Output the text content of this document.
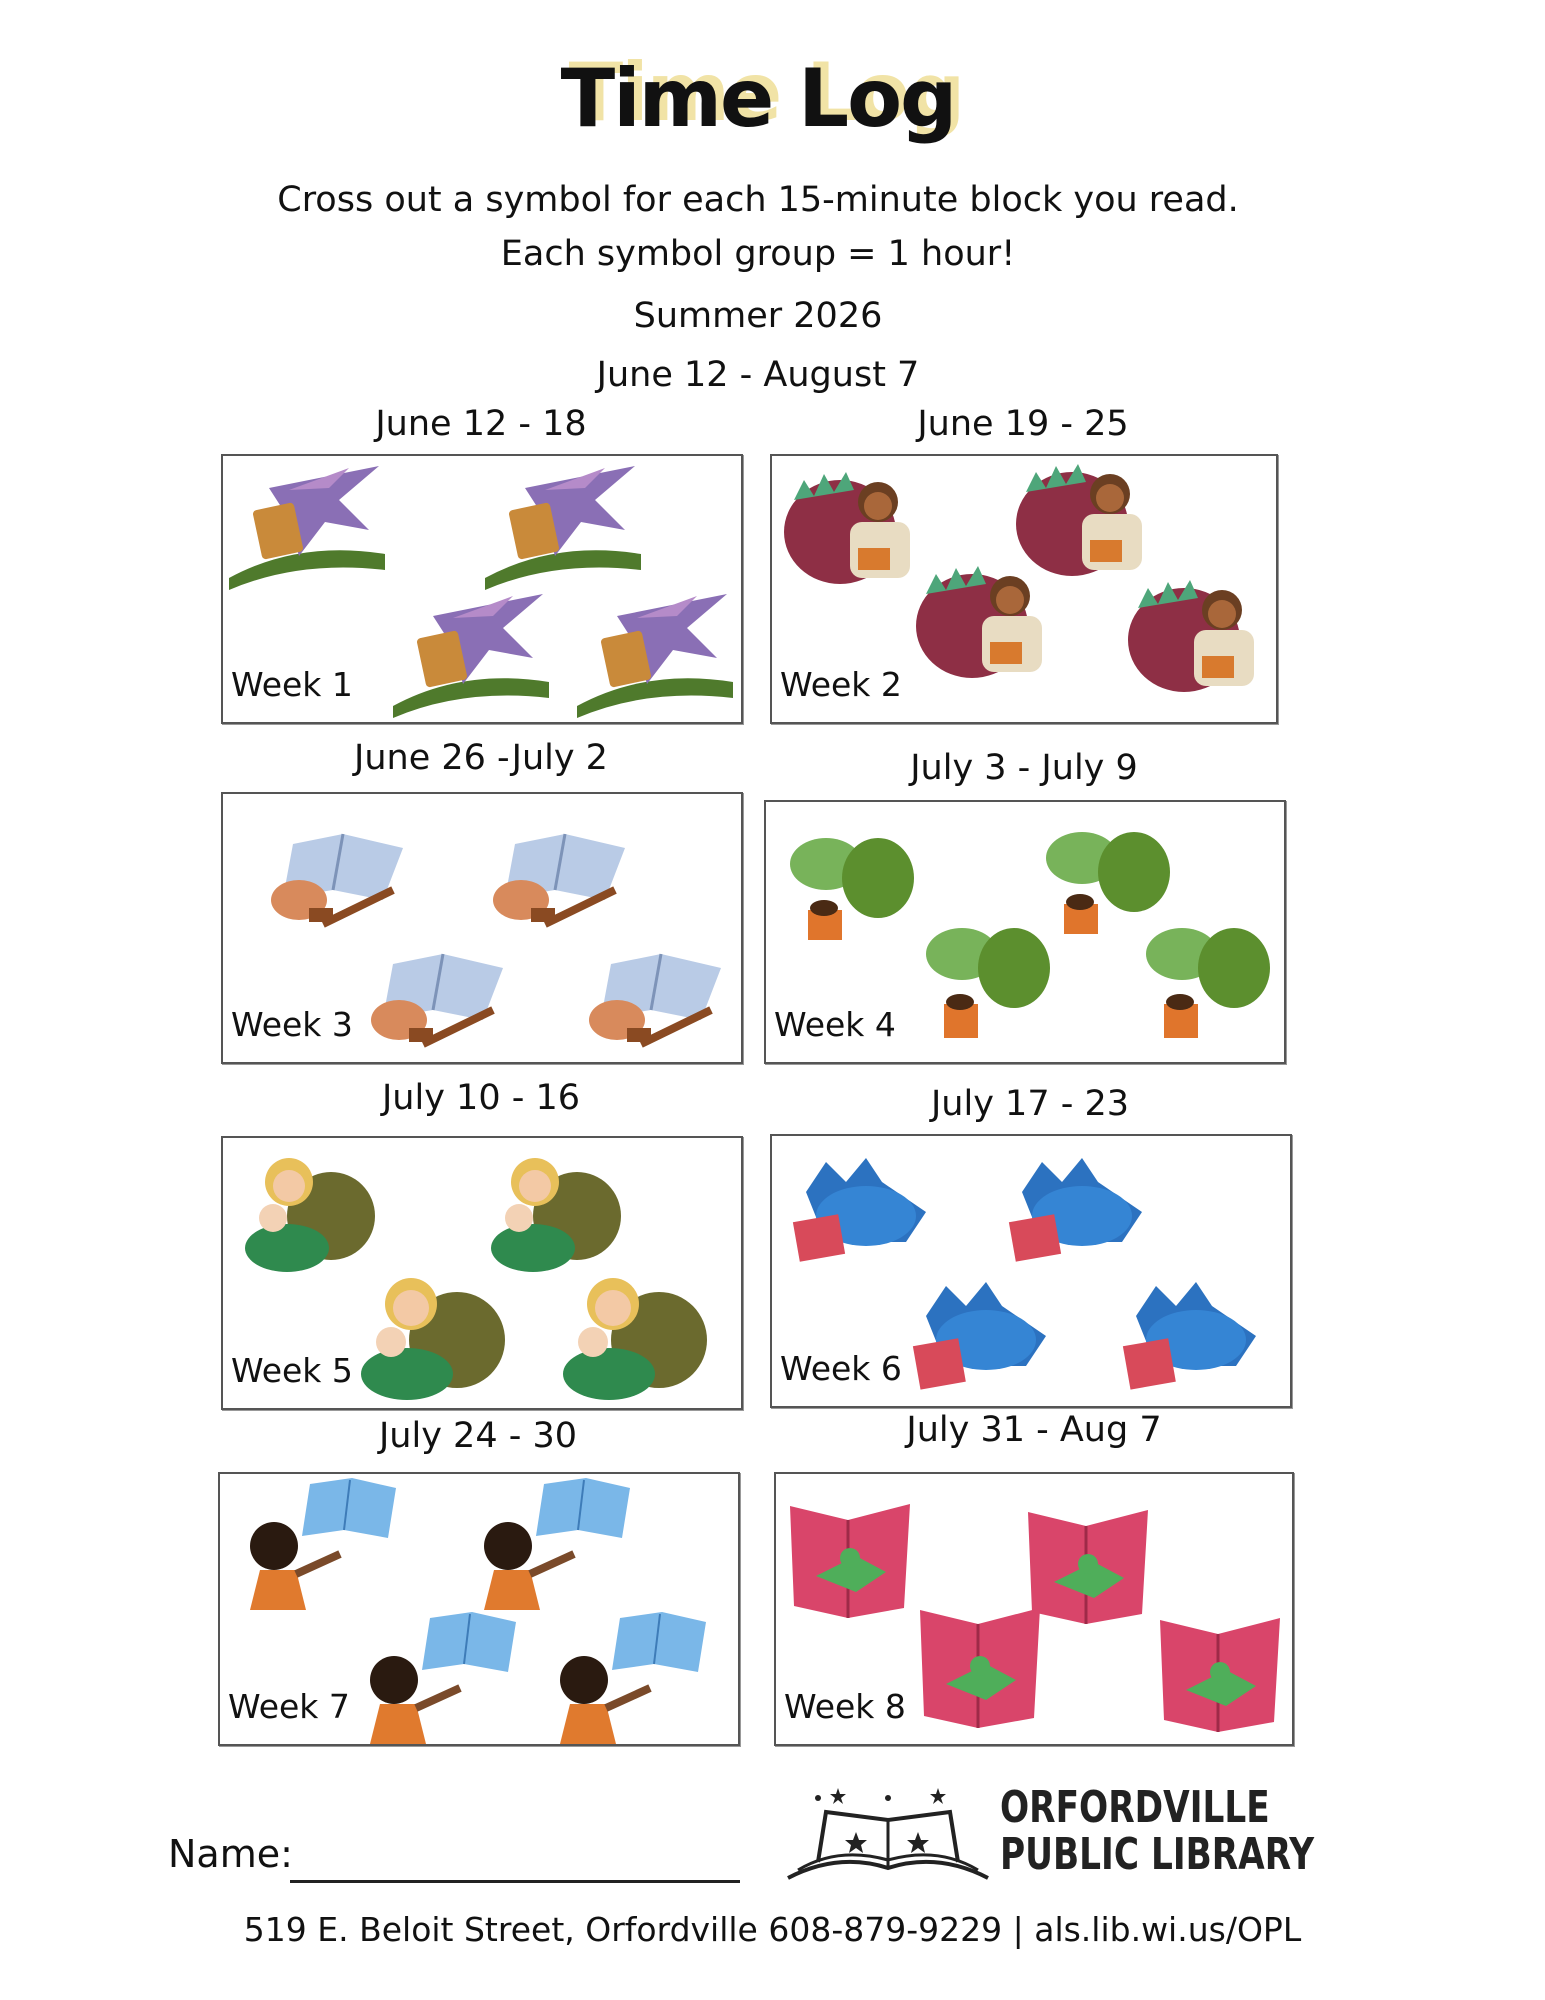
Time Log
Cross out a symbol for each 15-minute block you read.
Each symbol group = 1 hour!
Summer 2026
June 12 - August 7
June 12 - 18
Week 1
June 19 - 25
Week 2
June 26 -July 2
Week 3
July 3 - July 9
Week 4
July 10 - 16
Week 5
July 17 - 23
Week 6
July 24 - 30
Week 7
July 31 - Aug 7
Week 8
Name:
ORFORDVILLE
PUBLIC LIBRARY
519 E. Beloit Street, Orfordville 608-879-9229 | als.lib.wi.us/OPL
